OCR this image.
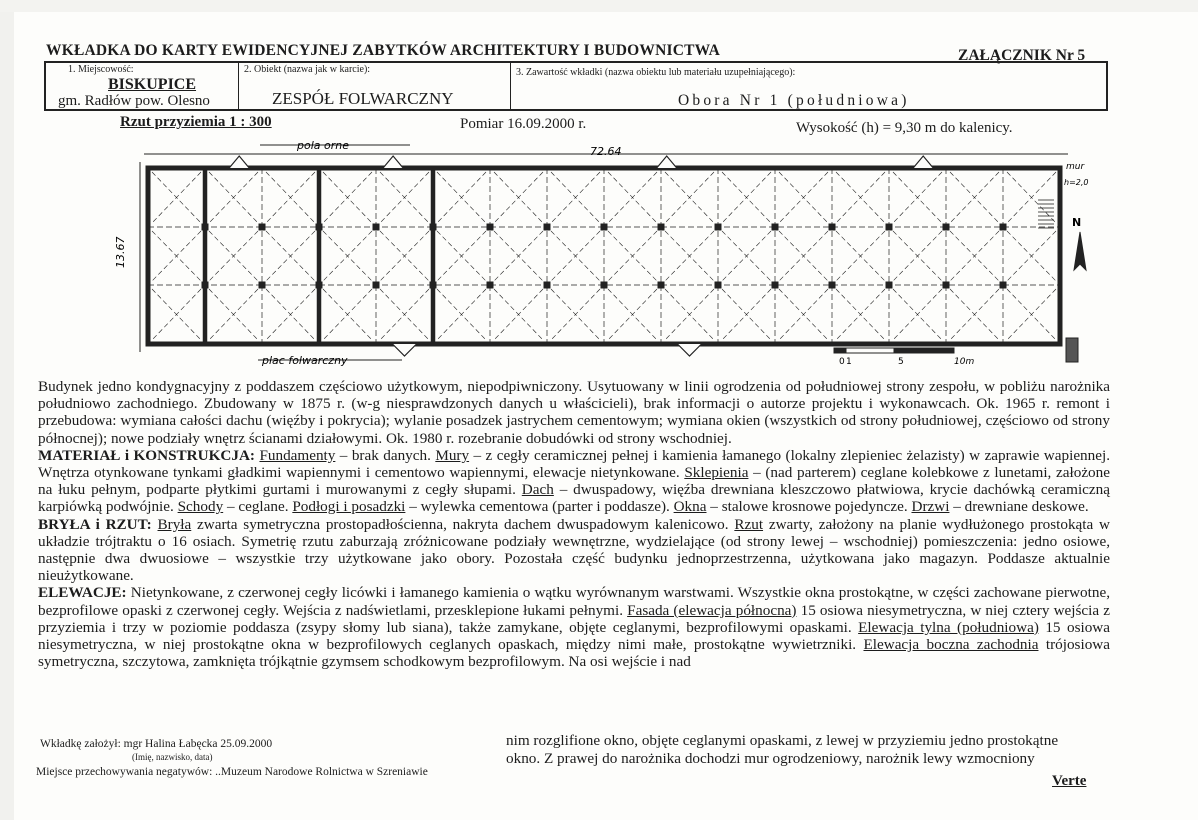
WKŁADKA DO KARTY EWIDENCYJNEJ ZABYTKÓW ARCHITEKTURY I BUDOWNICTWA	ZAŁĄCZNIK Nr 5
1. Miejscowość:
BISKUPICE
gm. Radłów pow. Olesno
2. Obiekt (nazwa jak w karcie):
ZESPÓŁ FOLWARCZNY
3. Zawartość wkładki (nazwa obiektu lub materiału uzupełniającego):
Obora Nr 1 (południowa)
Rzut przyziemia 1 : 300	Pomiar 16.09.2000 r.	Wysokość (h) = 9,30 m do kalenicy.
pola orne	72.64
plac folwarczny
13.67
mur
h=2,0
N
0 1	5	10m

Budynek jedno kondygnacyjny z poddaszem częściowo użytkowym, niepodpiwniczony. Usytuowany w linii ogrodzenia od południowej strony zespołu, w pobliżu narożnika południowo zachodniego. Zbudowany w 1875 r. (w-g niesprawdzonych danych u właścicieli), brak informacji o autorze projektu i wykonawcach. Ok. 1965 r. remont i przebudowa: wymiana całości dachu (więźby i pokrycia); wylanie posadzek jastrychem cementowym; wymiana okien (wszystkich od strony południowej, częściowo od strony północnej); nowe podziały wnętrz ścianami działowymi. Ok. 1980 r. rozebranie dobudówki od strony wschodniej.

MATERIAŁ i KONSTRUKCJA: Fundamenty – brak danych. Mury – z cegły ceramicznej pełnej i kamienia łamanego (lokalny zlepieniec żelazisty) w zaprawie wapiennej. Wnętrza otynkowane tynkami gładkimi wapiennymi i cementowo wapiennymi, elewacje nietynkowane. Sklepienia – (nad parterem) ceglane kolebkowe z lunetami, założone na łuku pełnym, podparte płytkimi gurtami i murowanymi z cegły słupami. Dach – dwuspadowy, więźba drewniana kleszczowo płatwiowa, krycie dachówką ceramiczną karpiówką podwójnie. Schody – ceglane. Podłogi i posadzki – wylewka cementowa (parter i poddasze). Okna – stalowe krosnowe pojedyncze. Drzwi – drewniane deskowe.

BRYŁA i RZUT: Bryła zwarta symetryczna prostopadłościenna, nakryta dachem dwuspadowym kalenicowo. Rzut zwarty, założony na planie wydłużonego prostokąta w układzie trójtraktu o 16 osiach. Symetrię rzutu zaburzają zróżnicowane podziały wewnętrzne, wydzielające (od strony lewej – wschodniej) pomieszczenia: jedno osiowe, następnie dwa dwuosiowe – wszystkie trzy użytkowane jako obory. Pozostała część budynku jednoprzestrzenna, użytkowana jako magazyn. Poddasze aktualnie nieużytkowane.

ELEWACJE: Nietynkowane, z czerwonej cegły licówki i łamanego kamienia o wątku wyrównanym warstwami. Wszystkie okna prostokątne, w części zachowane pierwotne, bezprofilowe opaski z czerwonej cegły. Wejścia z nadświetlami, przesklepione łukami pełnymi. Fasada (elewacja północna) 15 osiowa niesymetryczna, w niej cztery wejścia z przyziemia i trzy w poziomie poddasza (zsypy słomy lub siana), także zamykane, objęte ceglanymi, bezprofilowymi opaskami. Elewacja tylna (południowa) 15 osiowa niesymetryczna, w niej prostokątne okna w bezprofilowych ceglanych opaskach, między nimi małe, prostokątne wywietrzniki. Elewacja boczna zachodnia trójosiowa symetryczna, szczytowa, zamknięta trójkątnie gzymsem schodkowym bezprofilowym. Na osi wejście i nad

nim rozglifione okno, objęte ceglanymi opaskami, z lewej w przyziemiu jedno prostokątne
okno. Z prawej do narożnika dochodzi mur ogrodzeniowy, narożnik lewy wzmocniony
Verte
Wkładkę założył: mgr Halina Łabęcka 25.09.2000
(Imię, nazwisko, data)
Miejsce przechowywania negatywów: ..Muzeum Narodowe Rolnictwa w Szreniawie
